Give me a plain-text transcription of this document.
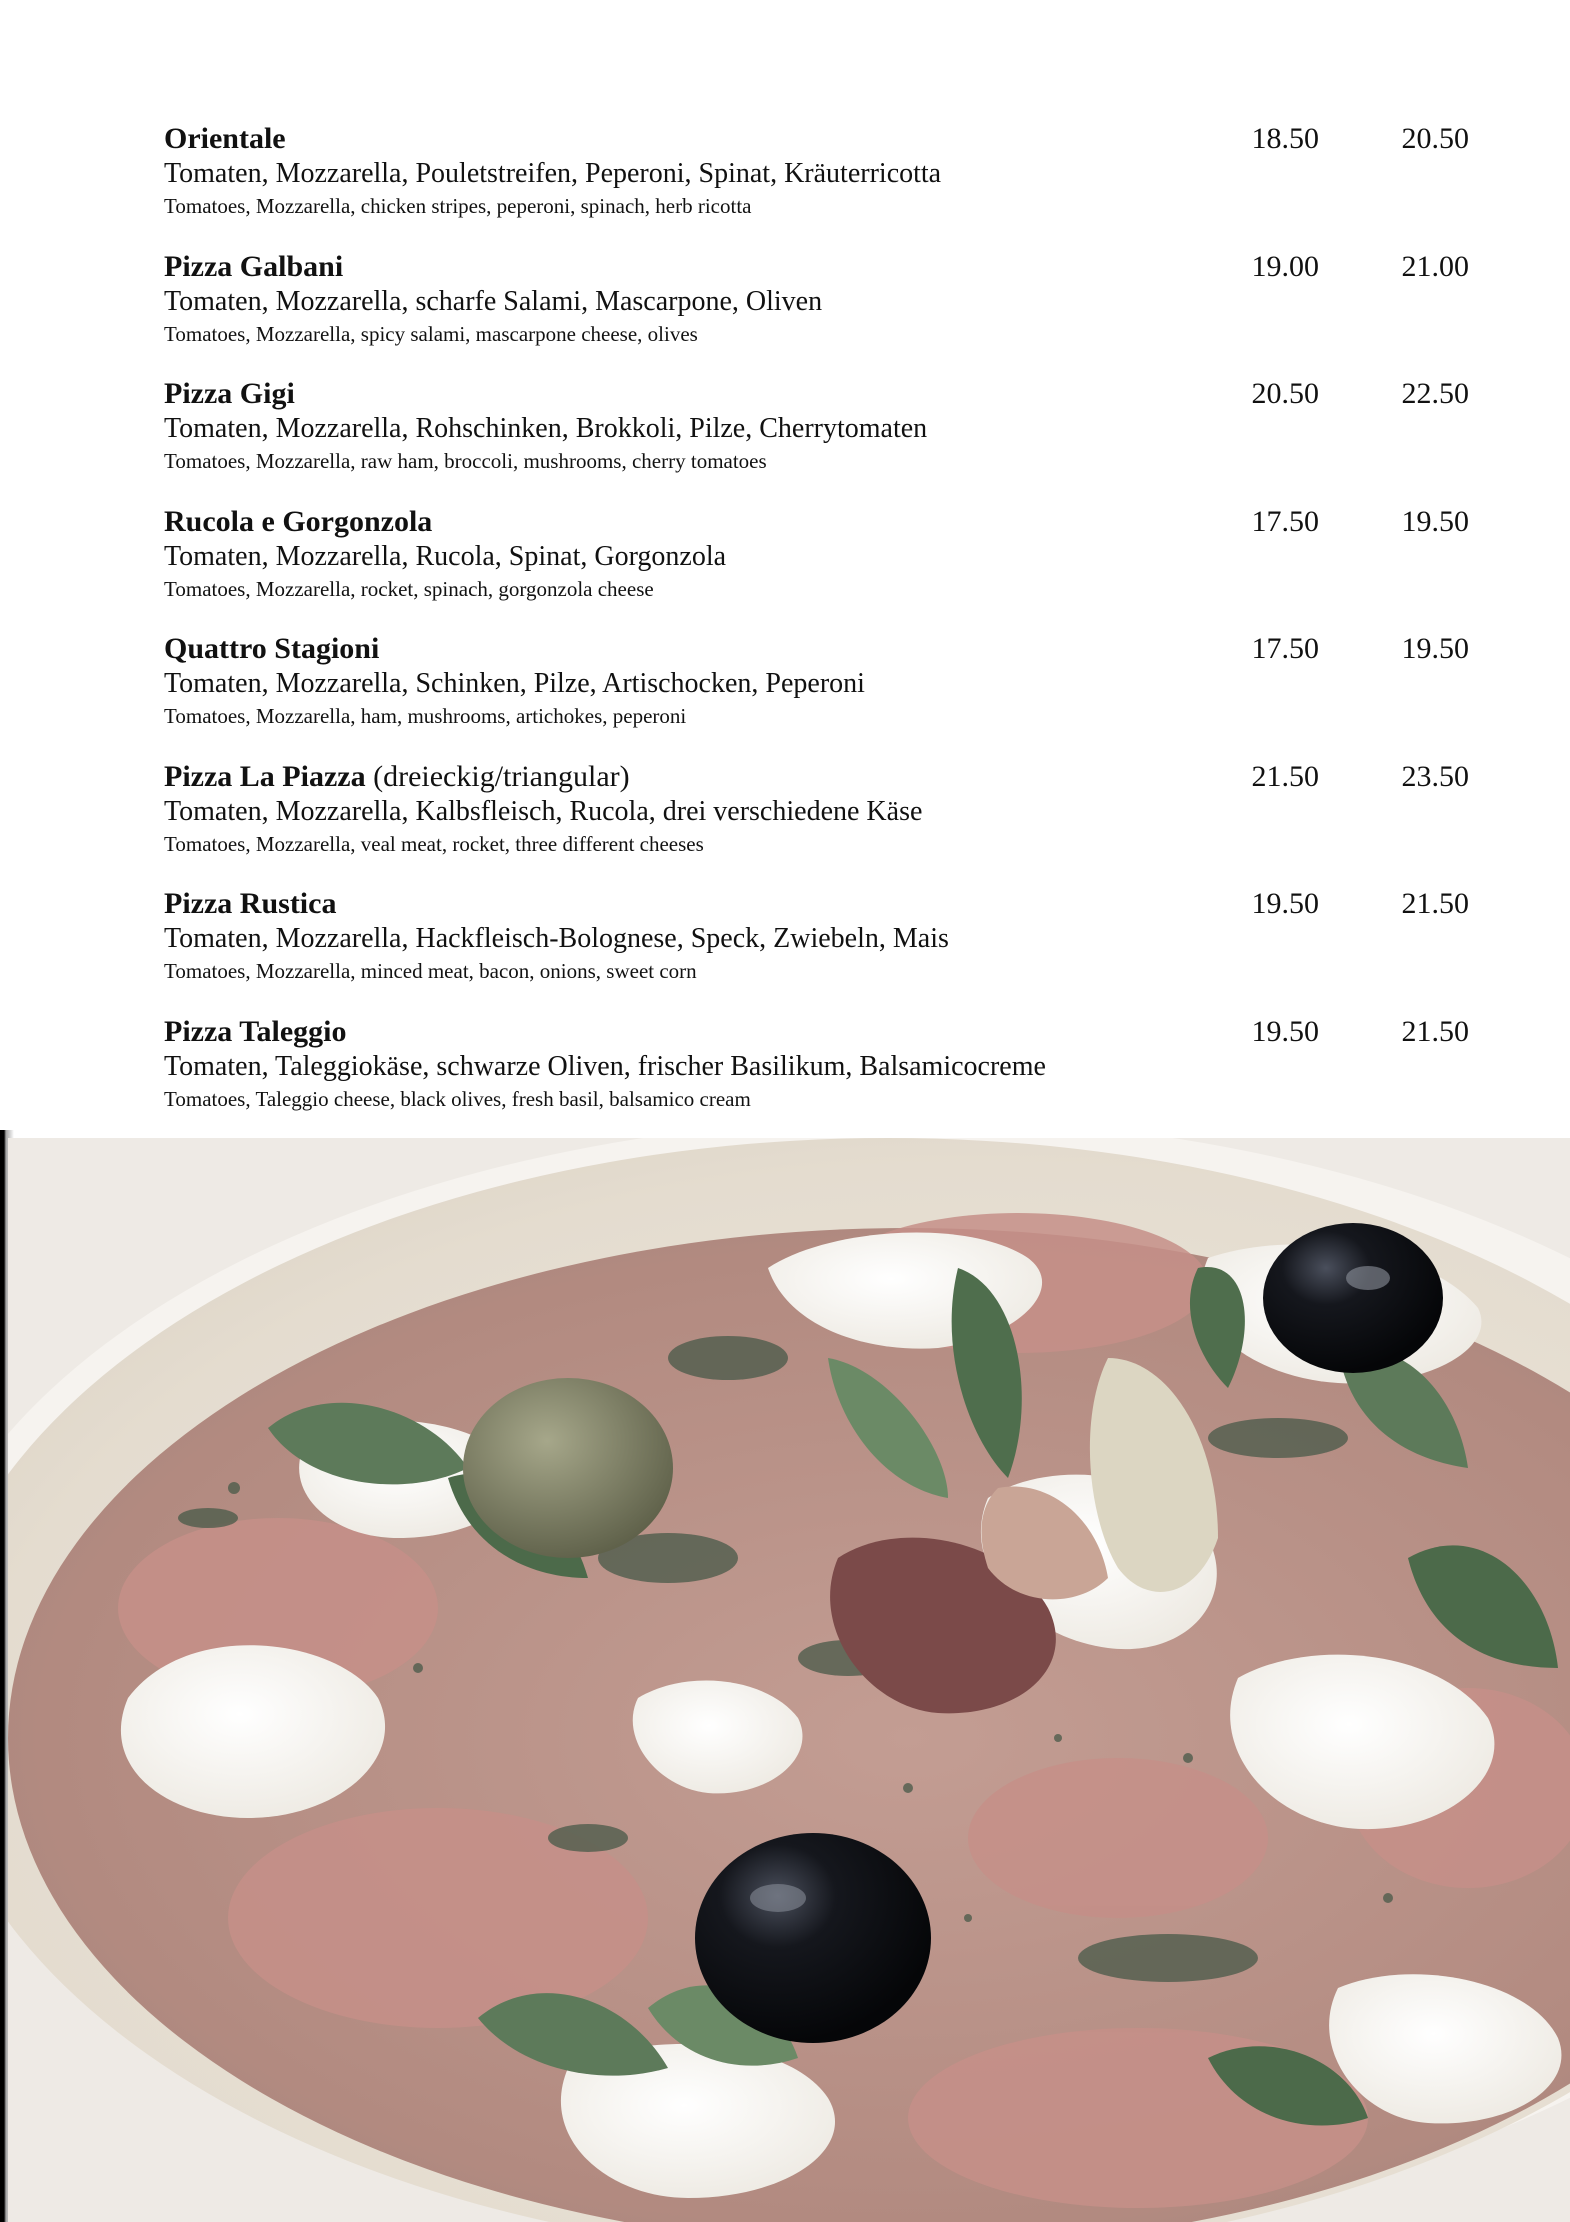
Orientale
Tomaten, Mozzarella, Pouletstreifen, Peperoni, Spinat, Kräuterricotta
Tomatoes, Mozzarella, chicken stripes, peperoni, spinach, herb ricotta
18.50	20.50
Pizza Galbani
Tomaten, Mozzarella, scharfe Salami, Mascarpone, Oliven
Tomatoes, Mozzarella, spicy salami, mascarpone cheese, olives
19.00	21.00
Pizza Gigi
Tomaten, Mozzarella, Rohschinken, Brokkoli, Pilze, Cherrytomaten
Tomatoes, Mozzarella, raw ham, broccoli, mushrooms, cherry tomatoes
20.50	22.50
Rucola e Gorgonzola
Tomaten, Mozzarella, Rucola, Spinat, Gorgonzola
Tomatoes, Mozzarella, rocket, spinach, gorgonzola cheese
17.50	19.50
Quattro Stagioni
Tomaten, Mozzarella, Schinken, Pilze, Artischocken, Peperoni
Tomatoes, Mozzarella, ham, mushrooms, artichokes, peperoni
17.50	19.50
Pizza La Piazza (dreieckig/triangular)
Tomaten, Mozzarella, Kalbsfleisch, Rucola, drei verschiedene Käse
Tomatoes, Mozzarella, veal meat, rocket, three different cheeses
21.50	23.50
Pizza Rustica
Tomaten, Mozzarella, Hackfleisch-Bolognese, Speck, Zwiebeln, Mais
Tomatoes, Mozzarella, minced meat, bacon, onions, sweet corn
19.50	21.50
Pizza Taleggio
Tomaten, Taleggiokäse, schwarze Oliven, frischer Basilikum, Balsamicocreme
Tomatoes, Taleggio cheese, black olives, fresh basil, balsamico cream
19.50	21.50
